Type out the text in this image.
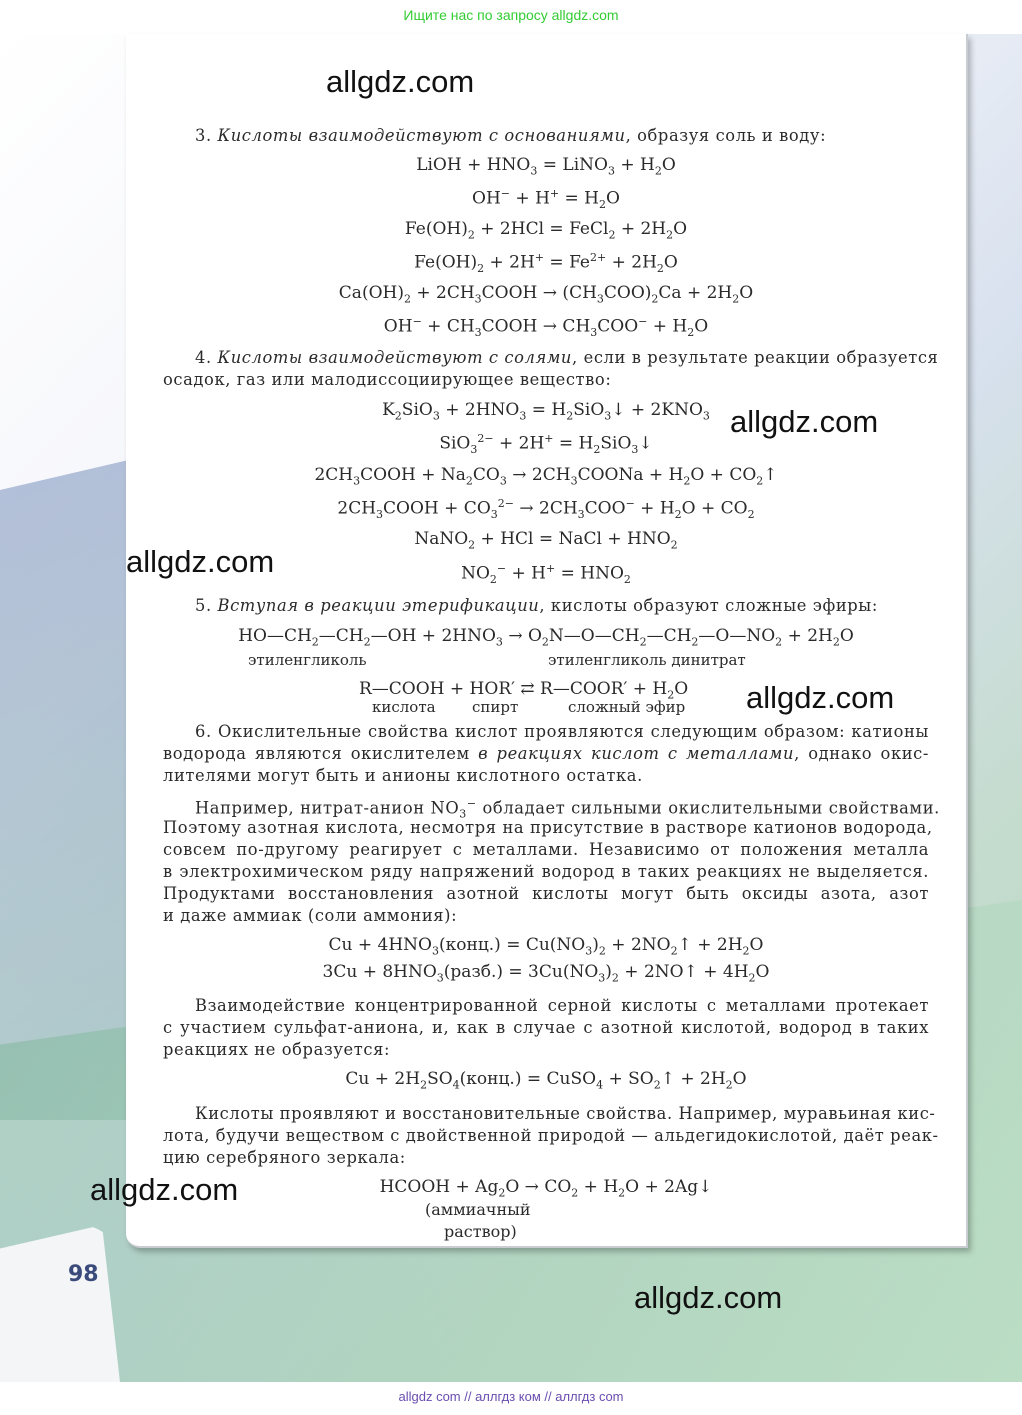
Ищите нас по запросу allgdz.com
allgdz.com
allgdz.com
allgdz.com
allgdz.com
allgdz.com
allgdz.com
3. Кислоты взаимодействуют с основаниями, образуя соль и воду:
LiOH + $HNO_3$ = LiNO$_3$ + $H_2O$
$OH^- + H^+ = H_2O$
$Fe(OH)_2 + 2HCl$ = FeCl$_2$ + $2H_2O$
$Fe(OH)_2 + 2H^+ = Fe^{2+} + 2H_2O$
$Ca(OH)_2$ + $2CH_3COOH \to (CH_3COO)_2Ca + 2H_2O$
$OH^- + CH_3COOH \to CH_3COO^- + H_2O$
4. Кислоты взаимодействуют с солями, если в результате реакции образуется
осадок, газ или малодиссоциирующее вещество:
$K_2SiO_3 + 2HNO_3$ = $H_2SiO_3↓ + 2KNO_3$
$SiO_3^{2-} + 2H^+ = H_2SiO_3↓$
$2CH_3COOH + Na_2CO_3$ → $2CH_3COONa + H_2O$ + $CO_2↑$
$2CH_3COOH + CO_3^{2-} \to 2CH_3COO^- + H_2O + CO_2$
NaNO$_2$ + HCl = NaCl + $HNO_2$
$NO_2^- + H^+ = HNO_2$
5. Вступая в реакции этерификации, кислоты образуют сложные эфиры:
$HO—CH_2—CH_2—OH + 2HNO_3$ → $O_2N—O—CH_2—CH_2—O—NO_2 + 2H_2O$
этиленгликоль	этиленгликоль динитрат
R—COOH + HOR′ ⇄ R—COOR′ + $H_2O$
кислота спирт	сложный эфир
6. Окислительные свойства кислот проявляются следующим образом: катионы
водорода являются окислителем в реакциях кислот с металлами, однако окис-
лителями могут быть и анионы кислотного остатка.
Например, нитрат-анион $NO_3^-$ обладает сильными окислительными свойствами.
Поэтому азотная кислота, несмотря на присутствие в растворе катионов водорода,
совсем по-другому реагирует с металлами. Независимо от положения металла
в электрохимическом ряду напряжений водород в таких реакциях не выделяется.
Продуктами восстановления азотной кислоты могут быть оксиды азота, азот
и даже аммиак (соли аммония):
$Cu + 4HNO_3(конц.) = Cu(NO_3)_2$ + $2NO_2↑ + 2H_2O$
$3Cu + 8HNO_3(разб.) = 3Cu(NO_3)_2$ + 2NO↑ + $4H_2O$
Взаимодействие концентрированной серной кислоты с металлами протекает
с участием сульфат-аниона, и, как в случае с азотной кислотой, водород в таких
реакциях не образуется:
$Cu + 2H_2SO_4(конц.)$ = CuSO$_4$ + $SO_2↑ + 2H_2O$
Кислоты проявляют и восстановительные свойства. Например, муравьиная кис-
лота, будучи веществом с двойственной природой — альдегидокислотой, даёт реак-
цию серебряного зеркала:
HCOOH + $Ag_2O \to CO_2 + H_2O$ + 2Ag↓
(аммиачный
раствор)
98
allgdz com // аллгдз ком // аллгдз com
